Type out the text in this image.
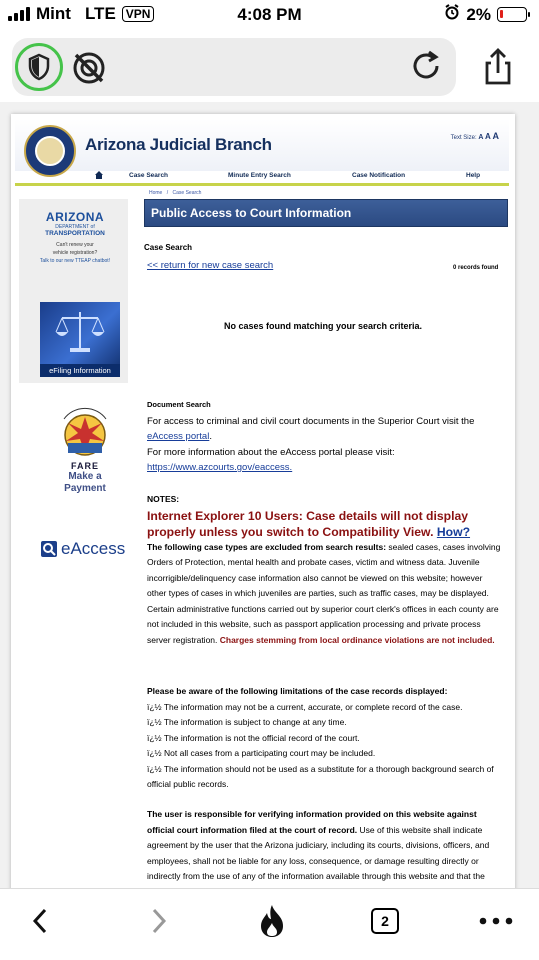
Mint LTE VPN	4:08 PM	2%
Arizona Judicial Branch	Text Size: A A A
Case Search	Minute Entry Search	Case Notification	Help
Home / Case Search
ARIZONA
DEPARTMENT of
TRANSPORTATION
Can't renew your
vehicle registration?
Talk to our new TTEAP chatbot!
eFiling Information
FARE
Make a Payment
eAccess
Public Access to Court Information
Case Search
<< return for new case search	0 records found
No cases found matching your search criteria.
Document Search
For access to criminal and civil court documents in the Superior Court visit the eAccess portal.
For more information about the eAccess portal please visit:
https://www.azcourts.gov/eaccess.
NOTES:
Internet Explorer 10 Users: Case details will not display properly unless you switch to Compatibility View. How?
The following case types are excluded from search results: sealed cases, cases involving Orders of Protection, mental health and probate cases, victim and witness data. Juvenile incorrigible/delinquency case information also cannot be viewed on this website; however other types of cases in which juveniles are parties, such as traffic cases, may be displayed. Certain administrative functions carried out by superior court clerk's offices in each county are not included in this website, such as passport application processing and private process server registration. Charges stemming from local ordinance violations are not included.
Please be aware of the following limitations of the case records displayed:
ï¿½ The information may not be a current, accurate, or complete record of the case.
ï¿½ The information is subject to change at any time.
ï¿½ The information is not the official record of the court.
ï¿½ Not all cases from a participating court may be included.
ï¿½ The information should not be used as a substitute for a thorough background search of official public records.
The user is responsible for verifying information provided on this website against official court information filed at the court of record. Use of this website shall indicate agreement by the user that the Arizona judiciary, including its courts, divisions, officers, and employees, shall not be liable for any loss, consequence, or damage resulting directly or indirectly from the use of any of the information available through this website and that the
2
